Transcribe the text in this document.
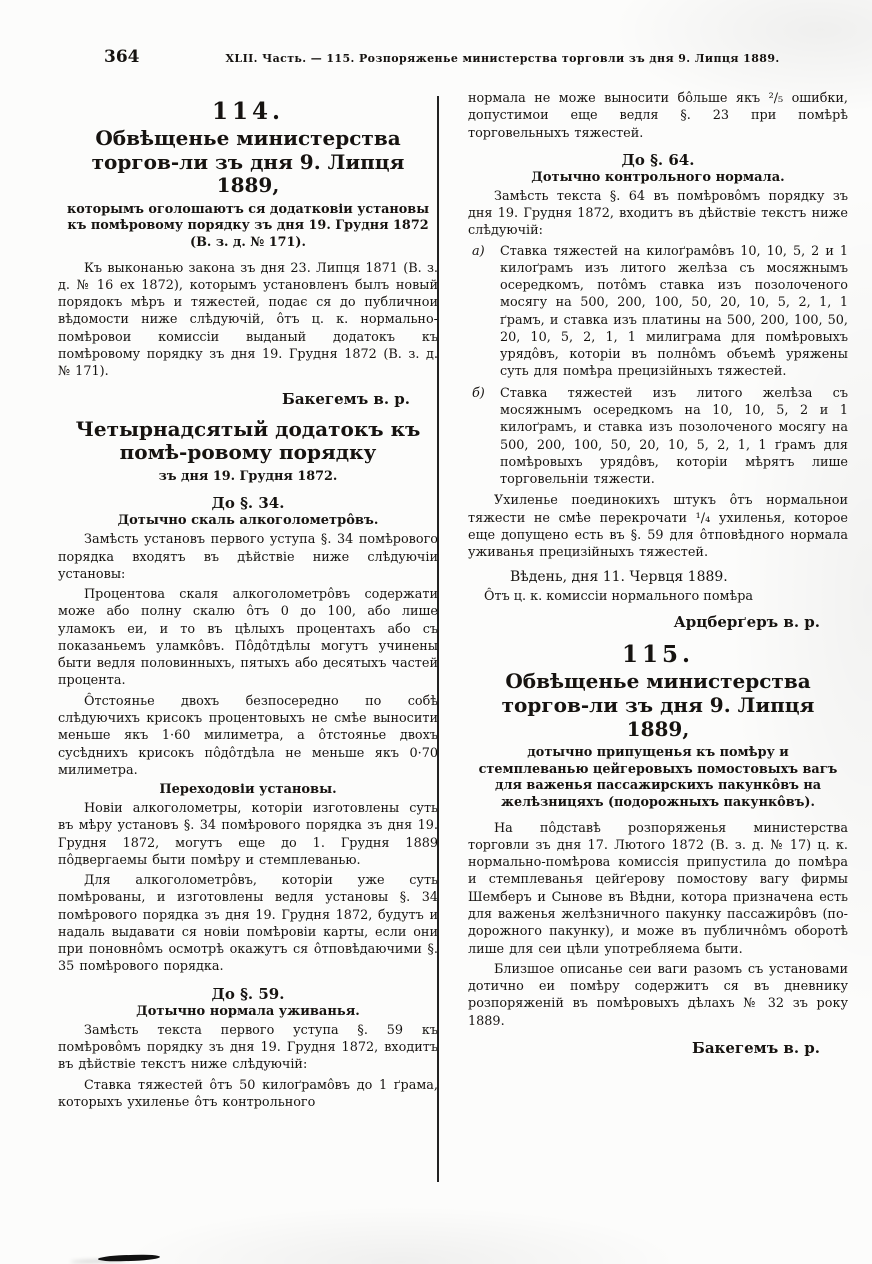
364	XLII. Часть. — 115. Розпоряженье министерства торговли зъ дня 9. Липця 1889.
114.
Обвѣщенье министерства торгов-ли зъ дня 9. Липця 1889,
которымъ оголошаютъ ся додатковіи установы къ помѣровому порядку зъ дня 19. Грудня 1872 (В. з. д. № 171).
Къ выконанью закона зъ дня 23. Липця 1871 (В. з. д. № 16 ех 1872), которымъ установленъ былъ новый порядокъ мѣръ и тяжестей, подає ся до публичнои вѣдомости ниже слѣдуючій, ôтъ ц. к. нормально-помѣровои комиссіи выданый додатокъ къ помѣровому порядку зъ дня 19. Грудня 1872 (В. з. д. № 171).
Бакегемъ в. р.
Четырнадсятый додатокъ къ помѣ-ровому порядку
зъ дня 19. Грудня 1872.
До §. 34.
Дотычно скаль алкоголометрôвъ.
Замѣсть установъ первого уступа §. 34 помѣрового порядка входятъ въ дѣйствіе ниже слѣдуючіи установы:
Процентова скаля алкоголометрôвъ содержати може або полну скалю ôтъ 0 до 100, або лише уламокъ еи, и то въ цѣлыхъ процентахъ або съ показаньемъ уламкôвъ. Пôдôтдѣлы могутъ учинены быти ведля половинныхъ, пятыхъ або десятыхъ частей процента.
Ôтстоянье двохъ безпосередно по собѣ слѣдуючихъ крисокъ процентовыхъ не смѣе выносити меньше якъ 1·60 милиметра, а ôтстоянье двохъ сусѣднихъ крисокъ пôдôтдѣла не меньше якъ 0·70 милиметра.
Переходовіи установы.
Новіи алкоголометры, которіи изготовлены суть въ мѣру установъ §. 34 помѣрового порядка зъ дня 19. Грудня 1872, могутъ еще до 1. Грудня 1889 пôдвергаемы быти помѣру и стемплеванью.
Для алкоголометрôвъ, которіи уже суть помѣрованы, и изготовлены ведля установы §. 34 помѣрового порядка зъ дня 19. Грудня 1872, будутъ и надаль выдавати ся новіи помѣровіи карты, если они при поновнôмъ осмотрѣ окажутъ ся ôтповѣдаючими §. 35 помѣрового порядка.
До §. 59.
Дотычно нормала уживанья.
Замѣсть текста первого уступа §. 59 къ помѣровôмъ порядку зъ дня 19. Грудня 1872, входитъ въ дѣйствіе текстъ ниже слѣдуючій:
Ставка тяжестей ôтъ 50 килоґрамôвъ до 1 ґрама, которыхъ ухиленье ôтъ контрольного
нормала не може выносити бôльше якъ ²/₅ ошибки, допустимои еще ведля §. 23 при помѣрѣ торговельныхъ тяжестей.
До §. 64.
Дотычно контрольного нормала.
Замѣсть текста §. 64 въ помѣровôмъ порядку зъ дня 19. Грудня 1872, входитъ въ дѣйствіе текстъ ниже слѣдуючій:
а) Ставка тяжестей на килоґрамôвъ 10, 10, 5, 2 и 1 килоґрамъ изъ литого желѣза съ мосяжнымъ осередкомъ, потôмъ ставка изъ позолоченого мосягу на 500, 200, 100, 50, 20, 10, 5, 2, 1, 1 ґрамъ, и ставка изъ платины на 500, 200, 100, 50, 20, 10, 5, 2, 1, 1 милиграма для помѣровыхъ урядôвъ, которіи въ полнôмъ объемѣ уряжены суть для помѣра прецизійныхъ тяжестей.
б) Ставка тяжестей изъ литого желѣза съ мосяжнымъ осередкомъ на 10, 10, 5, 2 и 1 килоґрамъ, и ставка изъ позолоченого мосягу на 500, 200, 100, 50, 20, 10, 5, 2, 1, 1 ґрамъ для помѣровыхъ урядôвъ, которіи мѣрятъ лише торговельніи тяжести.
Ухиленье поединокихъ штукъ ôтъ нормальнои тяжести не смѣе перекрочати ¹/₄ ухиленья, которое еще допущено есть въ §. 59 для ôтповѣдного нормала уживанья прецизійныхъ тяжестей.
Вѣдень, дня 11. Червця 1889.
Ôтъ ц. к. комиссіи нормального помѣра
Арцберґеръ в. р.
115.
Обвѣщенье министерства торгов-ли зъ дня 9. Липця 1889,
дотычно припущенья къ помѣру и стемплеванью цейгеровыхъ помостовыхъ вагъ для важенья пассажирскихъ пакункôвъ на желѣзницяхъ (подорожныхъ пакункôвъ).
На пôдставѣ розпоряженья министерства торговли зъ дня 17. Лютого 1872 (В. з. д. № 17) ц. к. нормально-помѣрова комиссія припустила до помѣра и стемплеванья цейґерову помостову вагу фирмы Шемберъ и Сынове въ Вѣдни, котора призначена есть для важенья желѣзничного пакунку пассажирôвъ (подорожного пакунку), и може въ публичнôмъ оборотѣ лише для сеи цѣли употребляема быти.
Близшое описанье сеи ваги разомъ съ установами дотично еи помѣру содержитъ ся въ дневнику розпоряженій въ помѣровыхъ дѣлахъ № 32 зъ року 1889.
Бакегемъ в. р.
